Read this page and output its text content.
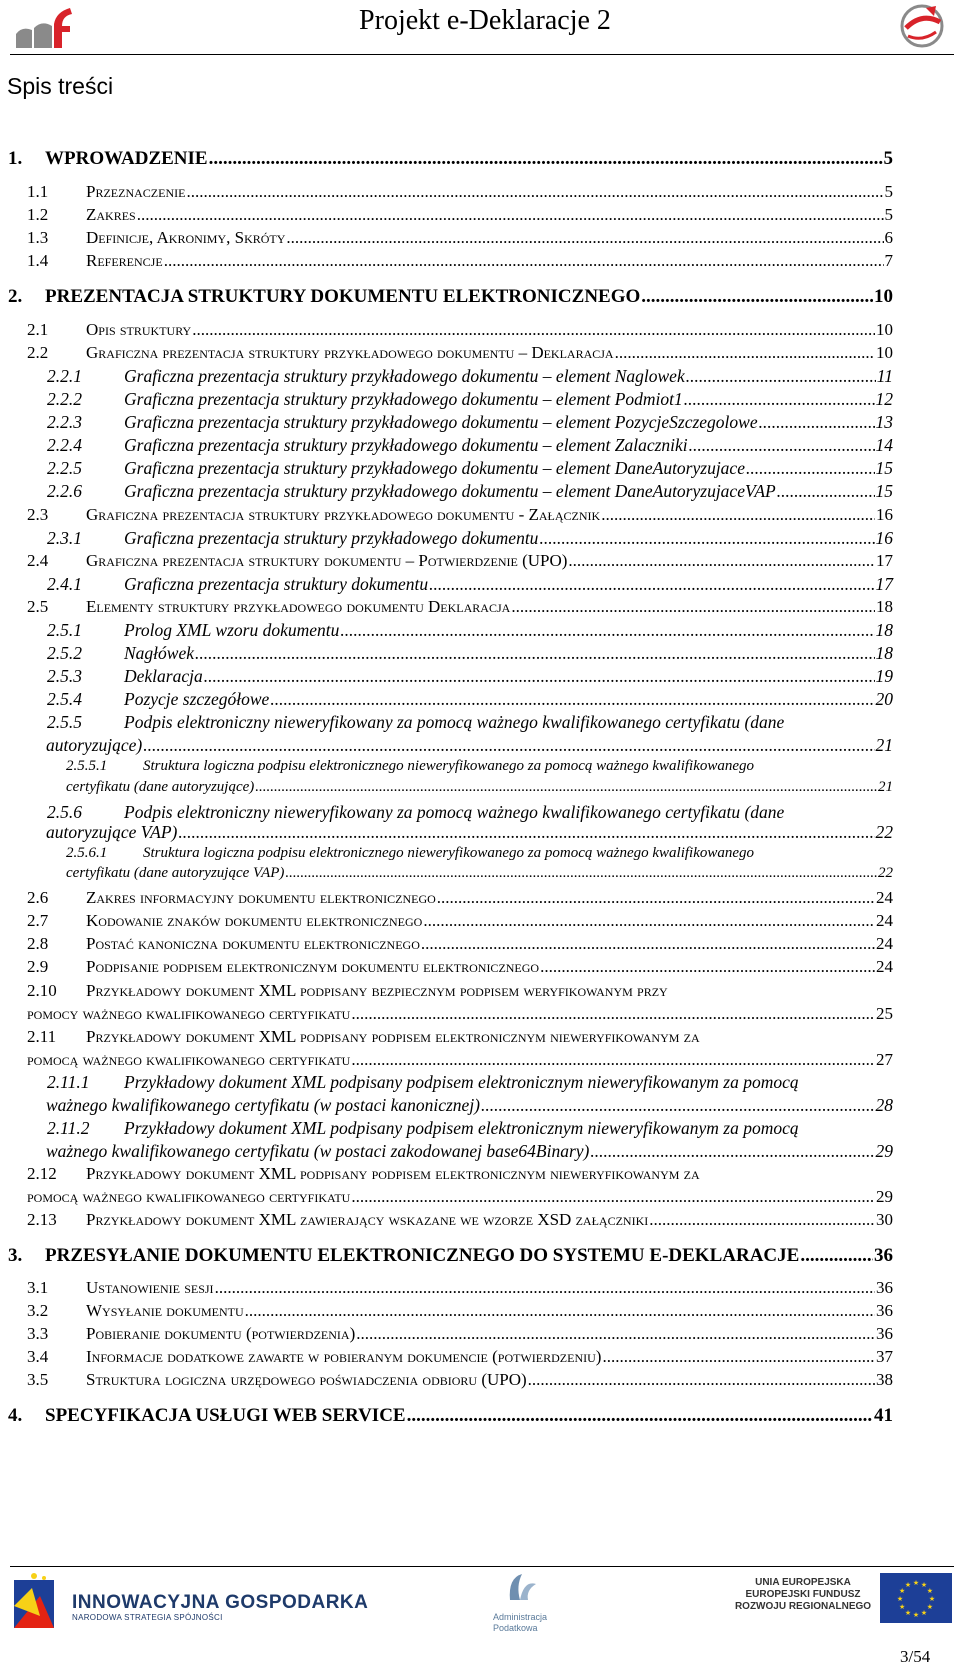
Projekt e-Deklaracje 2
Spis treści
1.	WPROWADZENIE .....	5
1.1	Przeznaczenie .....	5
1.2	Zakres .....	5
1.3	Definicje, Akronimy, Skróty .....	6
1.4	Referencje .....	7
2.	PREZENTACJA STRUKTURY DOKUMENTU ELEKTRONICZNEGO .....	10
2.1	Opis struktury .....	10
2.2	Graficzna prezentacja struktury przykładowego dokumentu – Deklaracja .....	10
2.2.1	Graficzna prezentacja struktury przykładowego dokumentu – element Naglowek .....	11
2.2.2	Graficzna prezentacja struktury przykładowego dokumentu – element Podmiot1 .....	12
2.2.3	Graficzna prezentacja struktury przykładowego dokumentu – element PozycjeSzczegolowe .....	13
2.2.4	Graficzna prezentacja struktury przykładowego dokumentu – element Zalaczniki .....	14
2.2.5	Graficzna prezentacja struktury przykładowego dokumentu – element DaneAutoryzujace .....	15
2.2.6	Graficzna prezentacja struktury przykładowego dokumentu – element DaneAutoryzujaceVAP .....	15
2.3	Graficzna prezentacja struktury przykładowego dokumentu - Załącznik .....	16
2.3.1	Graficzna prezentacja struktury przykładowego dokumentu .....	16
2.4	Graficzna prezentacja struktury dokumentu – Potwierdzenie (UPO) .....	17
2.4.1	Graficzna prezentacja struktury dokumentu .....	17
2.5	Elementy struktury przykładowego dokumentu Deklaracja .....	18
2.5.1	Prolog XML wzoru dokumentu .....	18
2.5.2	Nagłówek .....	18
2.5.3	Deklaracja .....	19
2.5.4	Pozycje szczegółowe .....	20
2.5.5	Podpis elektroniczny nieweryfikowany za pomocą ważnego kwalifikowanego certyfikatu (dane
autoryzujące) .....	21
2.5.5.1	Struktura logiczna podpisu elektronicznego nieweryfikowanego za pomocą ważnego kwalifikowanego
certyfikatu (dane autoryzujące) .....	21
2.5.6	Podpis elektroniczny nieweryfikowany za pomocą ważnego kwalifikowanego certyfikatu (dane
autoryzujące VAP) .....	22
2.5.6.1	Struktura logiczna podpisu elektronicznego nieweryfikowanego za pomocą ważnego kwalifikowanego
certyfikatu (dane autoryzujące VAP) .....	22
2.6	Zakres informacyjny dokumentu elektronicznego .....	24
2.7	Kodowanie znaków dokumentu elektronicznego .....	24
2.8	Postać kanoniczna dokumentu elektronicznego .....	24
2.9	Podpisanie podpisem elektronicznym dokumentu elektronicznego .....	24
2.10	Przykładowy dokument XML podpisany bezpiecznym podpisem weryfikowanym przy
pomocy ważnego kwalifikowanego certyfikatu .....	25
2.11	Przykładowy dokument XML podpisany podpisem elektronicznym nieweryfikowanym za
pomocą ważnego kwalifikowanego certyfikatu .....	27
2.11.1	Przykładowy dokument XML podpisany podpisem elektronicznym nieweryfikowanym za pomocą
ważnego kwalifikowanego certyfikatu (w postaci kanonicznej) .....	28
2.11.2	Przykładowy dokument XML podpisany podpisem elektronicznym nieweryfikowanym za pomocą
ważnego kwalifikowanego certyfikatu (w postaci zakodowanej base64Binary) .....	29
2.12	Przykładowy dokument XML podpisany podpisem elektronicznym nieweryfikowanym za
pomocą ważnego kwalifikowanego certyfikatu .....	29
2.13	Przykładowy dokument XML zawierający wskazane we wzorze XSD załączniki .....	30
3.	PRZESYŁANIE DOKUMENTU ELEKTRONICZNEGO DO SYSTEMU E-DEKLARACJE .....	36
3.1	Ustanowienie sesji .....	36
3.2	Wysyłanie dokumentu .....	36
3.3	Pobieranie dokumentu (potwierdzenia) .....	36
3.4	Informacje dodatkowe zawarte w pobieranym dokumencie (potwierdzeniu) .....	37
3.5	Struktura logiczna urzędowego poświadczenia odbioru (UPO) .....	38
4.	SPECYFIKACJA USŁUGI WEB SERVICE .....	41
INNOWACYJNA GOSPODARKA
NARODOWA STRATEGIA SPÓJNOŚCI	Administracja
Podatkowa
UNIA EUROPEJSKA
EUROPEJSKI FUNDUSZ
ROZWOJU REGIONALNEGO
★
★
★
★
★
★
★
★
★ ★ ★
★
3/54
